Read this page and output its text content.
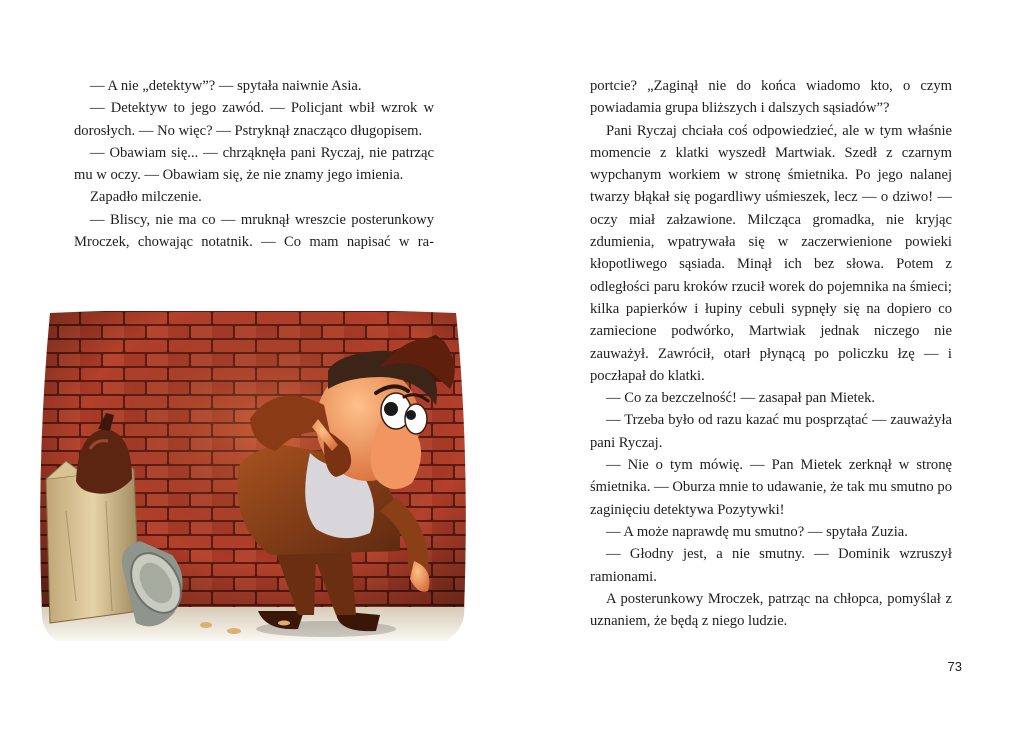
— A nie „detektyw”? — spytała naiwnie Asia.

— Detektyw to jego zawód. — Policjant wbił wzrok w dorosłych. — No więc? — Pstryknął znacząco długopisem.

— Obawiam się... — chrząknęła pani Ryczaj, nie patrząc mu w oczy. — Obawiam się, że nie znamy jego imienia.

Zapadło milczenie.

— Bliscy, nie ma co — mruknął wreszcie posterunkowy Mroczek, chowając notatnik. — Co mam napisać w ra-

portcie? „Zaginął nie do końca wiadomo kto, o czym powiadamia grupa bliższych i dalszych sąsiadów”?

Pani Ryczaj chciała coś odpowiedzieć, ale w tym właśnie momencie z klatki wyszedł Martwiak. Szedł z czarnym wypchanym workiem w stronę śmietnika. Po jego nalanej twarzy błąkał się pogardliwy uśmieszek, lecz — o dziwo! — oczy miał załzawione. Milcząca gromadka, nie kryjąc zdumienia, wpatrywała się w zaczerwienione powieki kłopotliwego sąsiada. Minął ich bez słowa. Potem z odległości paru kroków rzucił worek do pojemnika na śmieci; kilka papierków i łupiny cebuli sypnęły się na dopiero co zamiecione podwórko, Martwiak jednak niczego nie zauważył. Zawrócił, otarł płynącą po policzku łzę — i poczłapał do klatki.

— Co za bezczelność! — zasapał pan Mietek.

— Trzeba było od razu kazać mu posprzątać — zauważyła pani Ryczaj.

— Nie o tym mówię. — Pan Mietek zerknął w stronę śmietnika. — Oburza mnie to udawanie, że tak mu smutno po zaginięciu detektywa Pozytywki!

— A może naprawdę mu smutno? — spytała Zuzia.

— Głodny jest, a nie smutny. — Dominik wzruszył ramionami.

A posterunkowy Mroczek, patrząc na chłopca, pomyślał z uznaniem, że będą z niego ludzie.

73
